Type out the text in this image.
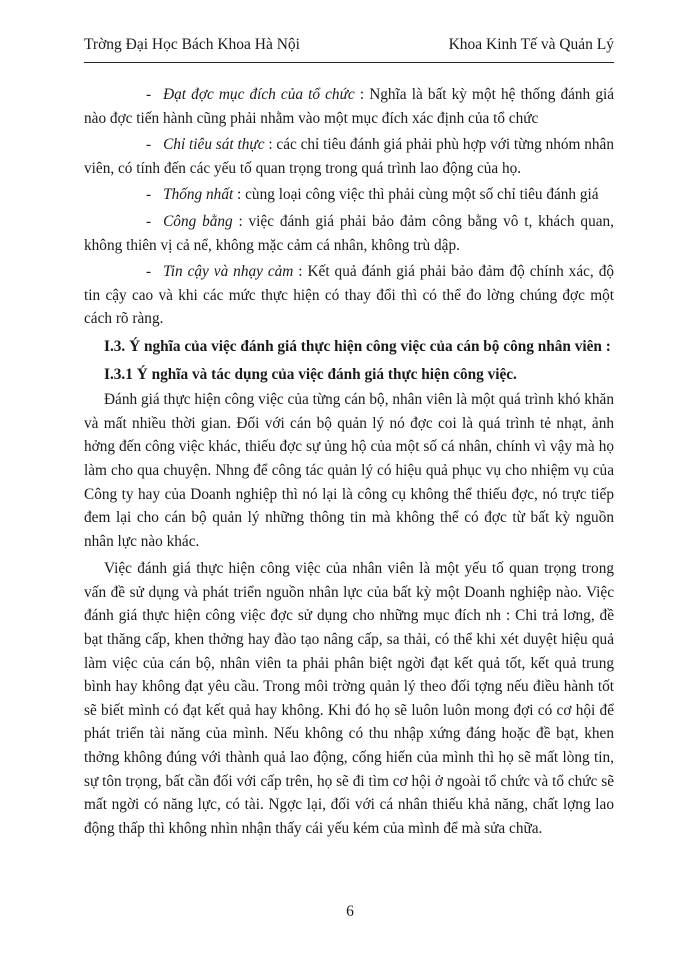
Trờng Đại Học Bách Khoa Hà Nội	Khoa Kinh Tế và Quản Lý

- Đạt đợc mục đích của tổ chức : Nghĩa là bất kỳ một hệ thống đánh giá nào đợc tiến hành cũng phải nhằm vào một mục đích xác định của tổ chức

- Chỉ tiêu sát thực : các chỉ tiêu đánh giá phải phù hợp với từng nhóm nhân viên, có tính đến các yếu tố quan trọng trong quá trình lao động của họ.

- Thống nhất : cùng loại công việc thì phải cùng một số chỉ tiêu đánh giá

- Công bằng : việc đánh giá phải bảo đảm công bằng vô t, khách quan, không thiên vị cả nể, không mặc cảm cá nhân, không trù dập.

- Tin cậy và nhạy cảm : Kết quả đánh giá phải bảo đảm độ chính xác, độ tin cậy cao và khi các mức thực hiện có thay đổi thì có thể đo lờng chúng đợc một cách rõ ràng.

I.3. Ý nghĩa của việc đánh giá thực hiện công việc của cán bộ công nhân viên :

I.3.1 Ý nghĩa và tác dụng của việc đánh giá thực hiện công việc.

Đánh giá thực hiện công việc của từng cán bộ, nhân viên là một quá trình khó khăn và mất nhiều thời gian. Đối với cán bộ quản lý nó đợc coi là quá trình tẻ nhạt, ảnh hởng đến công việc khác, thiếu đợc sự ủng hộ của một số cá nhân, chính vì vậy mà họ làm cho qua chuyện. Nhng để công tác quản lý có hiệu quả phục vụ cho nhiệm vụ của Công ty hay của Doanh nghiệp thì nó lại là công cụ không thể thiếu đợc, nó trực tiếp đem lại cho cán bộ quản lý những thông tin mà không thể có đợc từ bất kỳ nguồn nhân lực nào khác.

Việc đánh giá thực hiện công việc của nhân viên là một yếu tố quan trọng trong vấn đề sử dụng và phát triển nguồn nhân lực của bất kỳ một Doanh nghiệp nào. Việc đánh giá thực hiện công việc đợc sử dụng cho những mục đích nh : Chi trả lơng, đề bạt thăng cấp, khen thởng hay đào tạo nâng cấp, sa thải, có thể khi xét duyệt hiệu quả làm việc của cán bộ, nhân viên ta phải phân biệt ngời đạt kết quả tốt, kết quả trung bình hay không đạt yêu cầu. Trong môi trờng quản lý theo đối tợng nếu điều hành tốt sẽ biết mình có đạt kết quả hay không. Khi đó họ sẽ luôn luôn mong đợi có cơ hội để phát triển tài năng của mình. Nếu không có thu nhập xứng đáng hoặc đề bạt, khen thởng không đúng với thành quả lao động, cống hiến của mình thì họ sẽ mất lòng tin, sự tôn trọng, bất cần đối với cấp trên, họ sẽ đi tìm cơ hội ở ngoài tổ chức và tổ chức sẽ mất ngời có năng lực, có tài. Ngợc lại, đối với cá nhân thiếu khả năng, chất lợng lao động thấp thì không nhìn nhận thấy cái yếu kém của mình để mà sửa chữa.

6
